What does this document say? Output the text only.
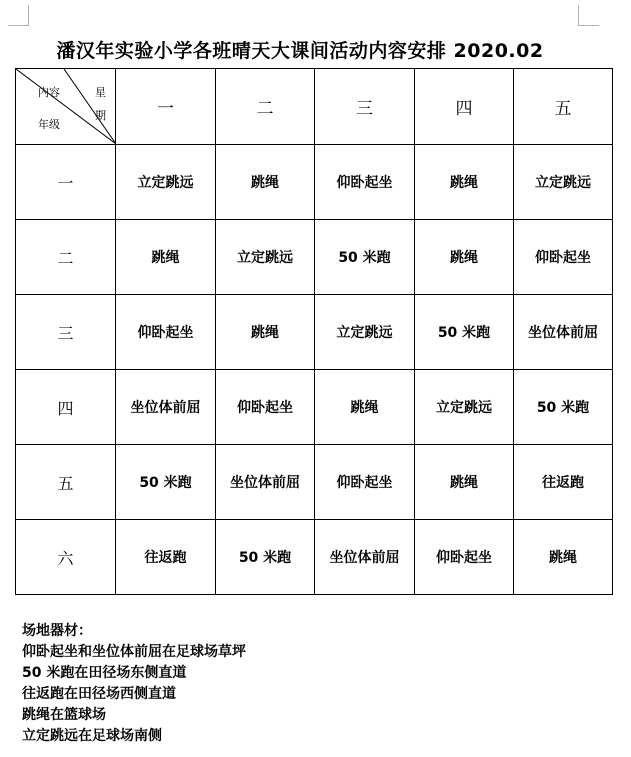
潘汉年实验小学各班晴天大课间活动内容安排 2020.02
内容 星
期
年级	一	二	三	四	五
一	立定跳远	跳绳	仰卧起坐	跳绳	立定跳远
二	跳绳	立定跳远	50 米跑	跳绳	仰卧起坐
三	仰卧起坐	跳绳	立定跳远	50 米跑	坐位体前屈
四	坐位体前屈	仰卧起坐	跳绳	立定跳远	50 米跑
五	50 米跑	坐位体前屈	仰卧起坐	跳绳	往返跑
六	往返跑	50 米跑	坐位体前屈	仰卧起坐	跳绳
场地器材：
仰卧起坐和坐位体前屈在足球场草坪
50 米跑在田径场东侧直道
往返跑在田径场西侧直道
跳绳在篮球场
立定跳远在足球场南侧
